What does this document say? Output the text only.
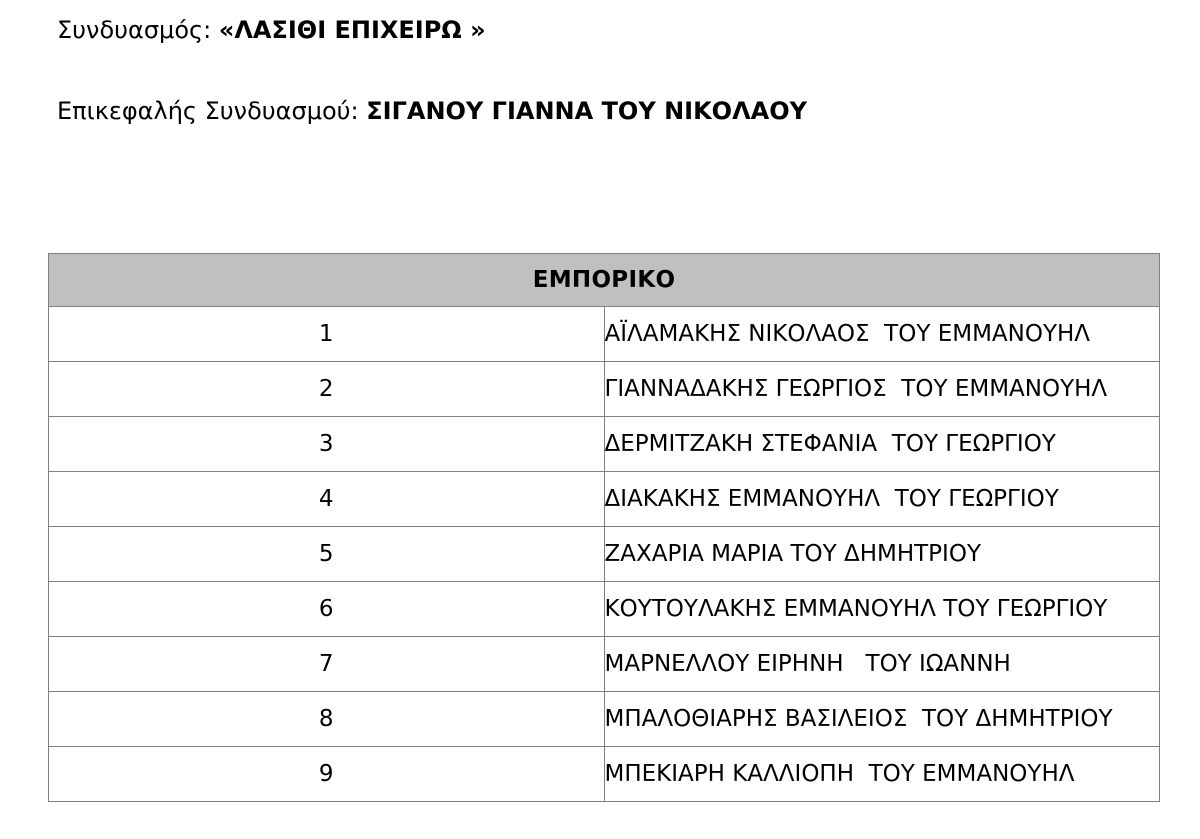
Συνδυασμός: «ΛΑΣΙΘΙ ΕΠΙΧΕΙΡΩ »
Επικεφαλής Συνδυασμού: ΣΙΓΑΝΟΥ ΓΙΑΝΝΑ ΤΟΥ ΝΙΚΟΛΑΟΥ
ΕΜΠΟΡΙΚΟ	
1	ΑΪΛΑΜΑΚΗΣ ΝΙΚΟΛΑΟΣ  ΤΟΥ ΕΜΜΑΝΟΥΗΛ
2	ΓΙΑΝΝΑΔΑΚΗΣ ΓΕΩΡΓΙΟΣ  ΤΟΥ ΕΜΜΑΝΟΥΗΛ
3	ΔΕΡΜΙΤΖΑΚΗ ΣΤΕΦΑΝΙΑ  ΤΟΥ ΓΕΩΡΓΙΟΥ
4	ΔΙΑΚΑΚΗΣ ΕΜΜΑΝΟΥΗΛ  ΤΟΥ ΓΕΩΡΓΙΟΥ
5	ΖΑΧΑΡΙΑ ΜΑΡΙΑ ΤΟΥ ΔΗΜΗΤΡΙΟΥ
6	ΚΟΥΤΟΥΛΑΚΗΣ ΕΜΜΑΝΟΥΗΛ ΤΟΥ ΓΕΩΡΓΙΟΥ
7	ΜΑΡΝΕΛΛΟΥ ΕΙΡΗΝΗ   ΤΟΥ ΙΩΑΝΝΗ
8	ΜΠΑΛΟΘΙΑΡΗΣ ΒΑΣΙΛΕΙΟΣ  ΤΟΥ ΔΗΜΗΤΡΙΟΥ
9	ΜΠΕΚΙΑΡΗ ΚΑΛΛΙΟΠΗ  ΤΟΥ ΕΜΜΑΝΟΥΗΛ
